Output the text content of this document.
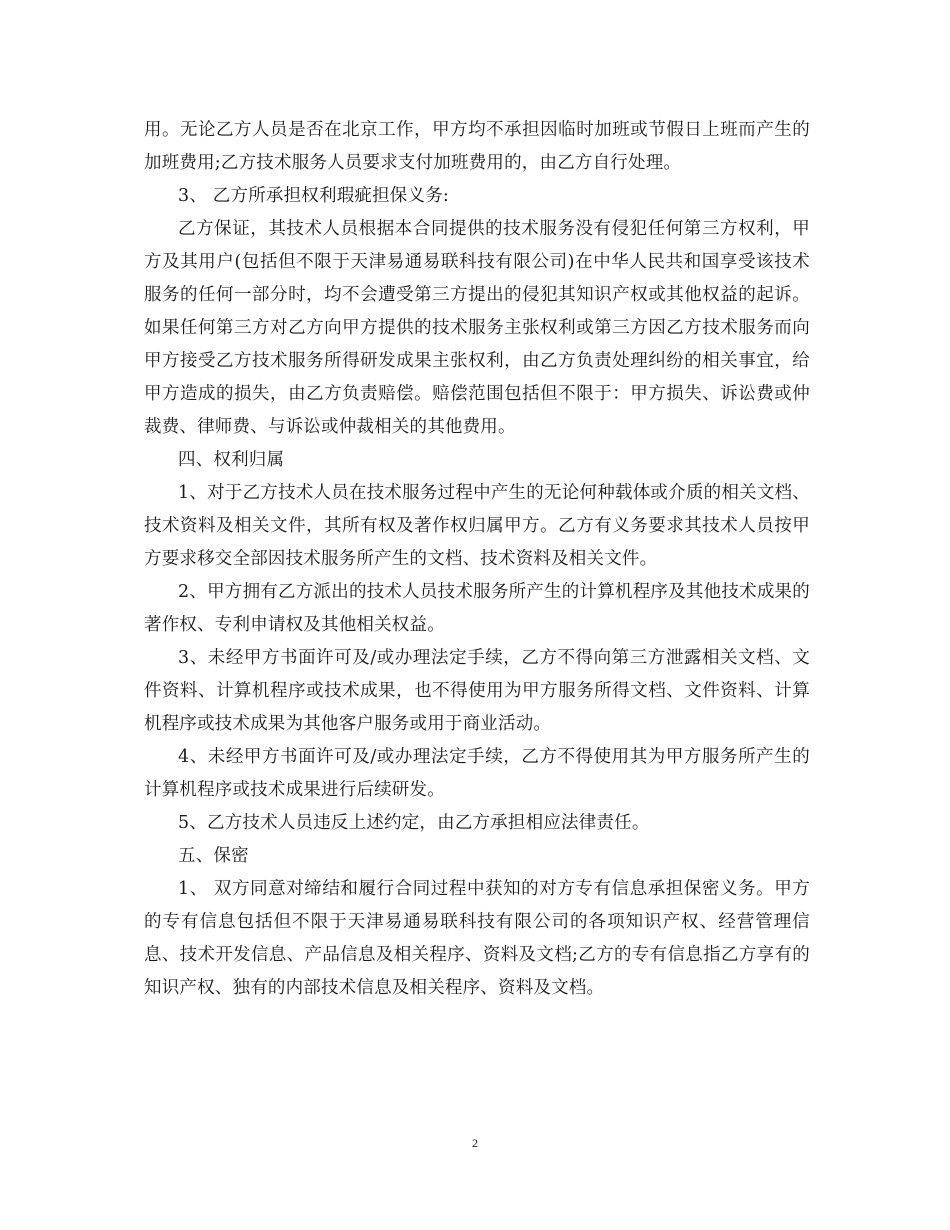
用。无论乙方人员是否在北京工作，甲方均不承担因临时加班或节假日上班而产生的加班费用;乙方技术服务人员要求支付加班费用的，由乙方自行处理。

3、 乙方所承担权利瑕疵担保义务:

乙方保证，其技术人员根据本合同提供的技术服务没有侵犯任何第三方权利，甲方及其用户(包括但不限于天津易通易联科技有限公司)在中华人民共和国享受该技术服务的任何一部分时，均不会遭受第三方提出的侵犯其知识产权或其他权益的起诉。如果任何第三方对乙方向甲方提供的技术服务主张权利或第三方因乙方技术服务而向甲方接受乙方技术服务所得研发成果主张权利，由乙方负责处理纠纷的相关事宜，给甲方造成的损失，由乙方负责赔偿。赔偿范围包括但不限于：甲方损失、诉讼费或仲裁费、律师费、与诉讼或仲裁相关的其他费用。

四、权利归属

1、对于乙方技术人员在技术服务过程中产生的无论何种载体或介质的相关文档、技术资料及相关文件，其所有权及著作权归属甲方。乙方有义务要求其技术人员按甲方要求移交全部因技术服务所产生的文档、技术资料及相关文件。

2、甲方拥有乙方派出的技术人员技术服务所产生的计算机程序及其他技术成果的著作权、专利申请权及其他相关权益。

3、未经甲方书面许可及/或办理法定手续，乙方不得向第三方泄露相关文档、文件资料、计算机程序或技术成果，也不得使用为甲方服务所得文档、文件资料、计算机程序或技术成果为其他客户服务或用于商业活动。

4、未经甲方书面许可及/或办理法定手续，乙方不得使用其为甲方服务所产生的计算机程序或技术成果进行后续研发。

5、乙方技术人员违反上述约定，由乙方承担相应法律责任。

五、保密

1、 双方同意对缔结和履行合同过程中获知的对方专有信息承担保密义务。甲方的专有信息包括但不限于天津易通易联科技有限公司的各项知识产权、经营管理信息、技术开发信息、产品信息及相关程序、资料及文档;乙方的专有信息指乙方享有的知识产权、独有的内部技术信息及相关程序、资料及文档。

2
